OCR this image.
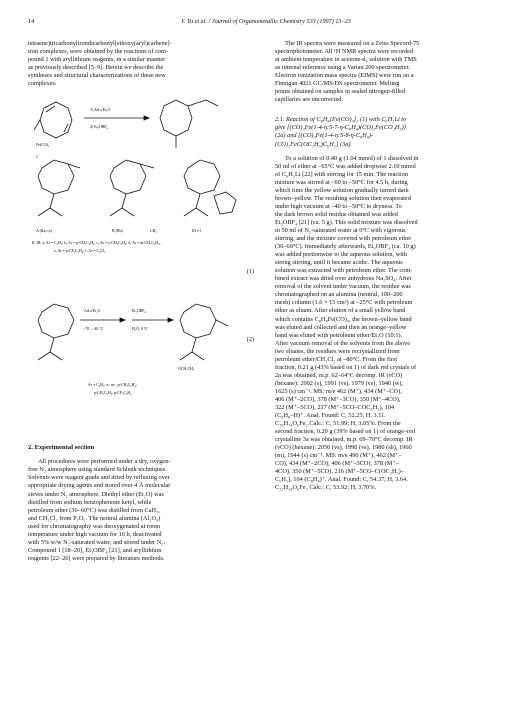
14	Y. Yu et al. / Journal of Organometallic Chemistry 533 (1997) 13–23

tetraene)tricarbonylirondicarbonyl[ethoxy(aryl)carbene]-

iron complexes, were obtained by the reactions of com-

pound 1 with aryllithium reagents, in a similar manner

as previously described [5–9]. Herein we describe the

syntheses and structural characterizations of these new

complexes.

1) ArLi/Et₂O
2) Et₃OBF₄
Fe(CO)₃
1
A (IIa,c,e)	B (IIb)	CH₃	III e-f
II, III: a, Ar = C₆H₅; b, Ar = p-CH₃C₆H₄; c, Ar = o-CH₃C₆H₄; d, Ar = m-CH₃C₆H₄;
e, Ar = p-CF₃C₆H₄; f, Ar = C₆Cl₅
(1)
ArLi/Et₂O
-70 – -40 °C
Et₃OBF₄
H₂O, 0 °C
OCH₂CH₃
Ar = C₆H₅; a-, m-, p-CH₃C₆H₄;
p-CH₃C₆H₄, p-CF₃C₆H₄
(2)

2. Experimental section

All procedures were performed under a dry, oxygen-

free N₂ atmosphere using standard Schlenk techniques.

Solvents were reagent grade and dried by refluxing over

appropriate drying agents and stored over 4 Å molecular

sieves under N₂ atmosphere. Diethyl ether (Et₂O) was

distilled from sodium benzophenone ketyl, while

petroleum ether (30–60°C) was distilled from CaH₂,

and CH₂Cl₂ from P₂O₅. The neutral alumina (Al₂O₃)

used for chromatography was deoxygenated at room

temperature under high vacuum for 16 h, deactivated

with 5% w/w N₂-saturated water, and stored under N₂.

Compound 1 [18–20], Et₃OBF₄ [21], and aryllithium

reagents [22–26] were prepared by literature methods.

The IR spectra were measured on a Zeiss Specord-75

spectrophotometer. All ¹H NMR spectra were recorded

at ambient temperature in acetone-d₆ solution with TMS

as internal reference using a Varian 200 spectrometer.

Electron ionization mass spectra (EIMS) were run on a

Finnigan 4021 GC/MS/DS spectrometer. Melting

points obtained on samples in sealed nitrogen-filled

capillaries are uncorrected.

2.1. Reaction of C₈H₈[Fe(CO)₃]₂ (1) with C₆H₅Li to

give [(CO)₃Fe(1-4-η:5-7-η-C₈H₈)(CO)₂Fe(CO₂H₅)]

(2a) and [(CO)₃Fe(1-4-η:5-8-η-C₈H₈)-

(CO)₂FeC(OC₂H₅)C₆H₅] (3a)

To a solution of 0.40 g (1.04 mmol) of 1 dissolved in

50 ml of ether at –65°C was added dropwise 2.10 mmol

of C₆H₅Li [22] with stirring for 15 min. The reaction

mixture was stirred at –60 to –50°C for 4.5 h, during

which time the yellow solution gradually turned dark

brown–yellow. The resulting solution then evaporated

under high vacuum at –40 to –50°C to dryness. To

the dark brown solid residue obtained was added

Et₃OBF₄ [21] (ca. 5 g). This solid mixture was dissolved

in 50 ml of N₂-saturated water at 0°C with vigorous

stirring, and the mixture covered with petroleum ether

(30–60°C). Immediately afterwards, Et₃OBF₄ (ca. 10 g)

was added portionwise to the aqueous solution, with

strong stirring, until it became acidic. The aqueous

solution was extracted with petroleum ether. The com-

bined extract was dried over anhydrous Na₂SO₄. After

removal of the solvent under vacuum, the residue was

chromatographed on an alumina (neutral, 100–200

mesh) column (1.6 × 15 cm²) at –25°C with petroleum

ether as eluant. After elution of a small yellow band

which contains C₈H₈Fe(CO)₃, the brown–yellow band

was eluted and collected and then an orange–yellow

band was eluted with petroleum ether/Et₂O (10:1).

After vacuum removal of the solvents from the above

two eluates, the residues were recrystallized from

petroleum ether/CH₂Cl₂ at –80°C. From the first

fraction, 0.21 g (43% based on 1) of dark red crystals of

2a was obtained, m.p. 62–64°C decomp. IR (νCO)

(hexane): 2002 (s), 1991 (vs), 1979 (vs), 1940 (w),

1625 (s) cm⁻¹. MS: m/e 462 (M⁺), 434 (M⁺–CO),

406 (M⁺–2CO), 378 (M⁺–3CO), 350 (M⁺–4CO),

322 (M⁺–5CO), 217 (M⁺–5CO–COC₆H₅), 104

(C₈H₈–H)⁺. Anal. Found: C, 52.25; H, 3.11.

C₂₀H₁₄O₆Fe₂ Calc.: C, 51.99; H, 3.05%. From the

second fraction, 0.20 g (39% based on 1) of orange–red

crystalline 3a was obtained, m.p. 69–70°C decomp. IR

(νCO) (hexane): 2050 (vs), 1990 (vs), 1980 (sh), 1960

(m), 1944 (s) cm⁻¹. MS: m/e 490 (M⁺), 462 (M⁺–

CO), 434 (M⁺–2CO), 406 (M⁺–3CO), 378 (M⁺–

4CO), 350 (M⁺–5CO), 216 (M⁺–5CO–C(OC₂H₅)–

C₆H₅), 104 (C₈H₈)⁺. Anal. Found: C, 54.37; H, 3.64.

C₂₂H₁₈O₆Fe₂ Calc.: C, 53.92; H, 3.70%.
